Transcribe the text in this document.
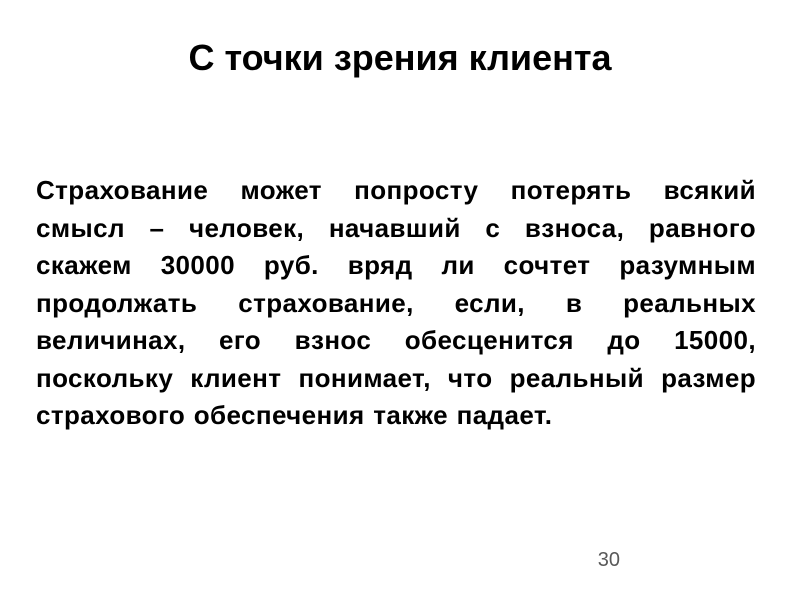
С точки зрения клиента
Страхование может попросту потерять всякий смысл – человек, начавший с взноса, равного скажем 30000 руб. вряд ли сочтет разумным продолжать страхование, если, в реальных величинах, его взнос обесценится до 15000, поскольку клиент понимает, что реальный размер страхового обеспечения также падает.
30
